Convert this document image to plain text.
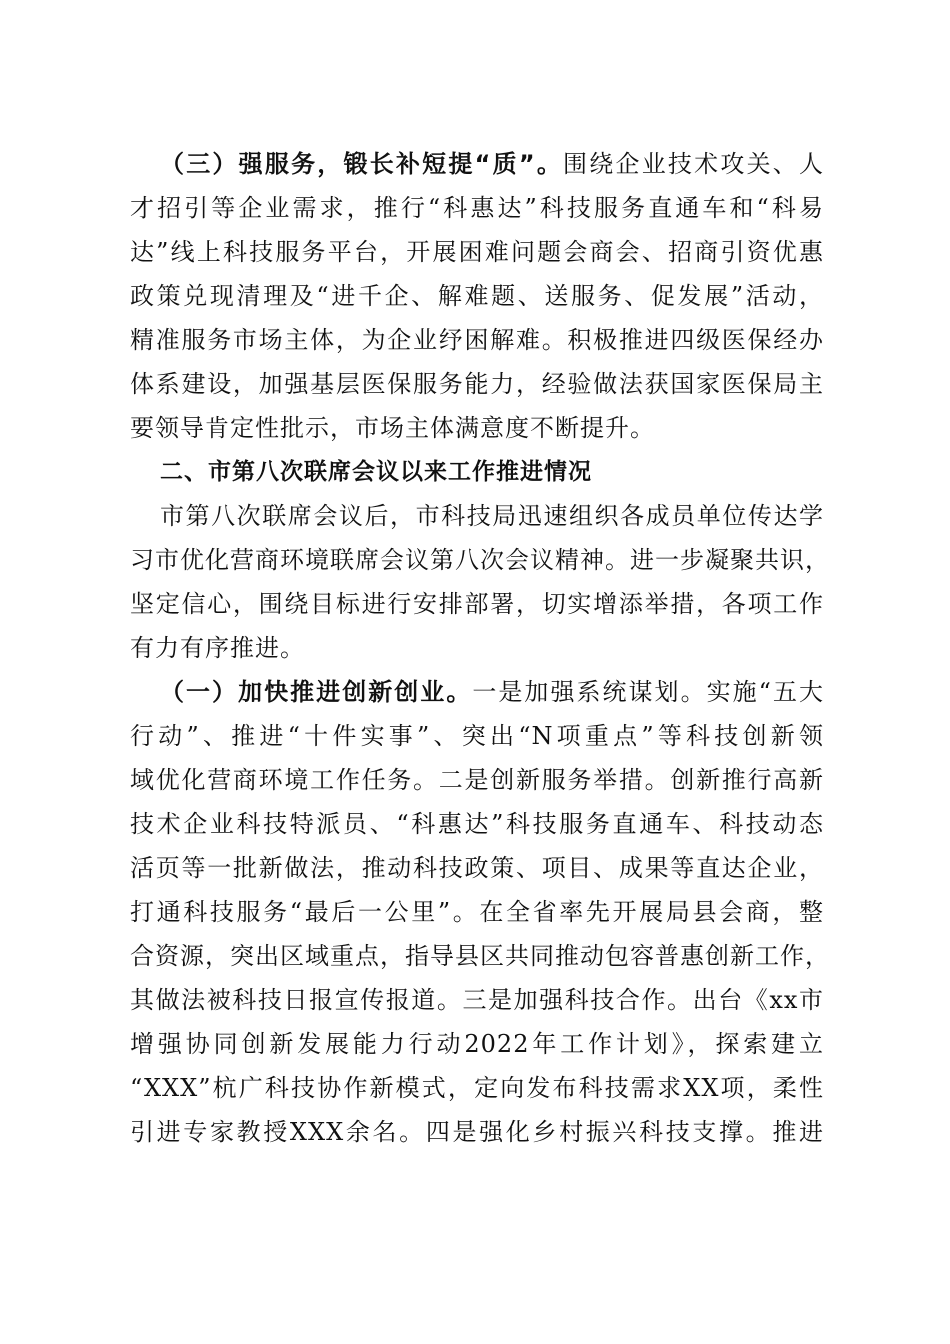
（三）强服务，锻长补短提“质”。围绕企业技术攻关、人
才招引等企业需求，推行“科惠达”科技服务直通车和“科易
达”线上科技服务平台，开展困难问题会商会、招商引资优惠
政策兑现清理及“进千企、解难题、送服务、促发展”活动，
精准服务市场主体，为企业纾困解难。积极推进四级医保经办
体系建设，加强基层医保服务能力，经验做法获国家医保局主
要领导肯定性批示，市场主体满意度不断提升。
二、市第八次联席会议以来工作推进情况
市第八次联席会议后，市科技局迅速组织各成员单位传达学
习市优化营商环境联席会议第八次会议精神。进一步凝聚共识，
坚定信心，围绕目标进行安排部署，切实增添举措，各项工作
有力有序推进。
（一）加快推进创新创业。一是加强系统谋划。实施“五大
行动”、推进“十件实事”、突出“N项重点”等科技创新领
域优化营商环境工作任务。二是创新服务举措。创新推行高新
技术企业科技特派员、“科惠达”科技服务直通车、科技动态
活页等一批新做法，推动科技政策、项目、成果等直达企业，
打通科技服务“最后一公里”。在全省率先开展局县会商，整
合资源，突出区域重点，指导县区共同推动包容普惠创新工作，
其做法被科技日报宣传报道。三是加强科技合作。出台《xx市
增强协同创新发展能力行动2022年工作计划》，探索建立
“XXX”杭广科技协作新模式，定向发布科技需求XX项，柔性
引进专家教授XXX余名。四是强化乡村振兴科技支撑。推进
